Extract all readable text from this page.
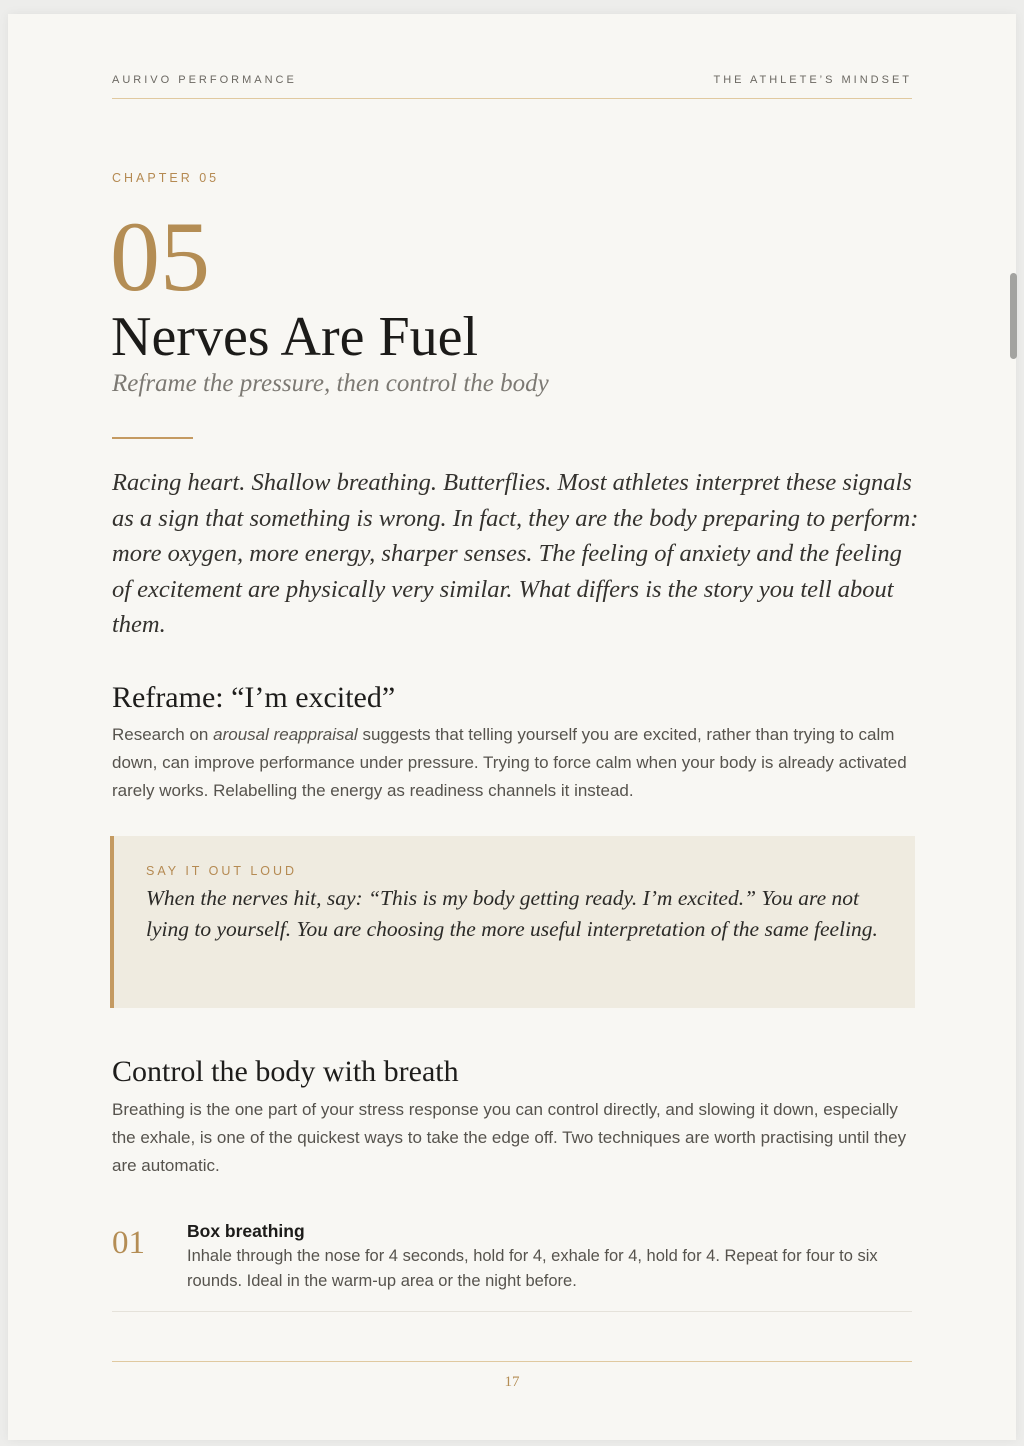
AURIVO PERFORMANCE	THE ATHLETE’S MINDSET
CHAPTER 05
05
Nerves Are Fuel
Reframe the pressure, then control the body

Racing heart. Shallow breathing. Butterflies. Most athletes interpret these signals as a sign that something is wrong. In fact, they are the body preparing to perform: more oxygen, more energy, sharper senses. The feeling of anxiety and the feeling of excitement are physically very similar. What differs is the story you tell about them.

Reframe: “I’m excited”

Research on arousal reappraisal suggests that telling yourself you are excited, rather than trying to calm down, can improve performance under pressure. Trying to force calm when your body is already activated rarely works. Relabelling the energy as readiness channels it instead.

SAY IT OUT LOUD

When the nerves hit, say: “This is my body getting ready. I’m excited.” You are not lying to yourself. You are choosing the more useful interpretation of the same feeling.

Control the body with breath

Breathing is the one part of your stress response you can control directly, and slowing it down, especially the exhale, is one of the quickest ways to take the edge off. Two techniques are worth practising until they are automatic.

01 Box breathing

Inhale through the nose for 4 seconds, hold for 4, exhale for 4, hold for 4. Repeat for four to six rounds. Ideal in the warm-up area or the night before.

17
